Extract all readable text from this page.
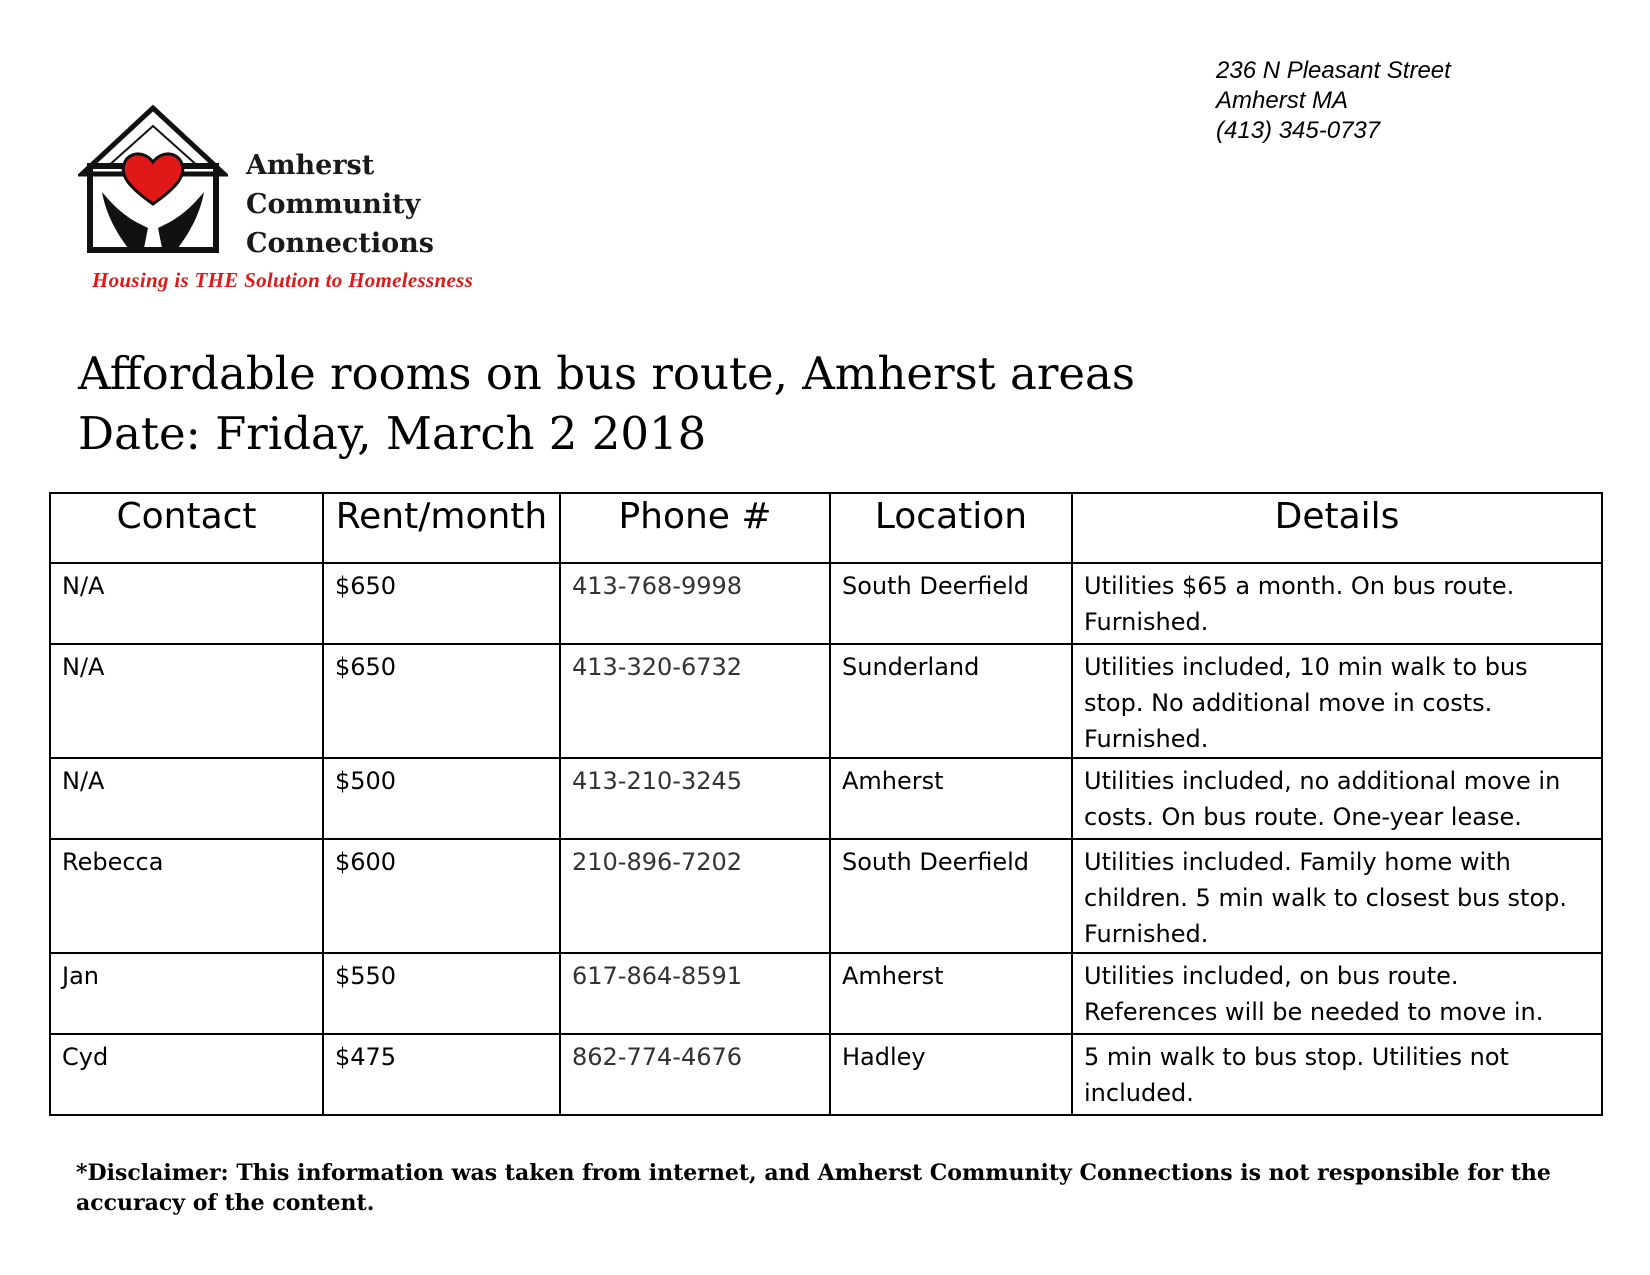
236 N Pleasant Street
Amherst MA
(413) 345-0737
Amherst
Community
Connections
Housing is THE Solution to Homelessness
Affordable rooms on bus route, Amherst areas
Date: Friday, March 2 2018
Contact	Rent/month	Phone #	Location	Details
N/A	$650	413-768-9998	South Deerfield	Utilities $65 a month. On bus route. Furnished.
N/A	$650	413-320-6732	Sunderland	Utilities included, 10 min walk to bus stop. No additional move in costs. Furnished.
N/A	$500	413-210-3245	Amherst	Utilities included, no additional move in costs. On bus route. One-year lease.
Rebecca	$600	210-896-7202	South Deerfield	Utilities included. Family home with children. 5 min walk to closest bus stop. Furnished.
Jan	$550	617-864-8591	Amherst	Utilities included, on bus route. References will be needed to move in.
Cyd	$475	862-774-4676	Hadley	5 min walk to bus stop. Utilities not included.
*Disclaimer: This information was taken from internet, and Amherst Community Connections is not responsible for the accuracy of the content.
